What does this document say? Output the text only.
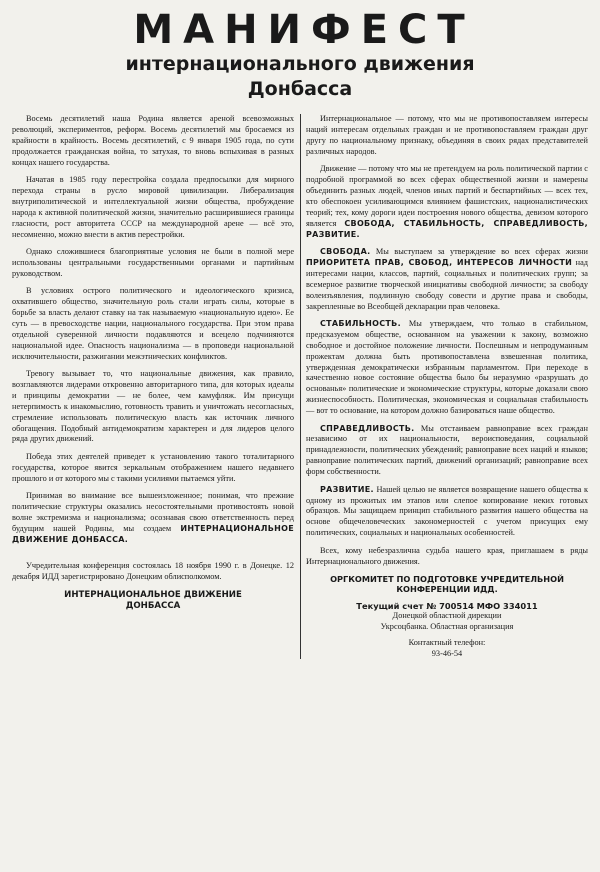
МАНИФЕСТ
интернационального движения
Донбасса

Восемь десятилетий наша Родина является ареной всевозможных революций, экспериментов, реформ. Восемь десятилетий мы бросаемся из крайности в крайность. Восемь десятилетий, с 9 января 1905 года, по сути продолжается гражданская война, то затухая, то вновь вспыхивая в разных концах нашего государства.

Начатая в 1985 году перестройка создала предпосылки для мирного перехода страны в русло мировой цивилизации. Либерализация внутриполитической и интеллектуальной жизни общества, пробуждение народа к активной политической жизни, значительно расширившиеся границы гласности, рост авторитета СССР на международной арене — всё это, несомненно, можно внести в актив перестройки.

Однако сложившиеся благоприятные условия не были в полной мере использованы центральными государственными органами и партийным руководством.

В условиях острого политического и идеологического кризиса, охватившего общество, значительную роль стали играть силы, которые в борьбе за власть делают ставку на так называемую «национальную идею». Ее суть — в превосходстве нации, национального государства. При этом права отдельной суверенной личности подавляются и всецело подчиняются национальной идее. Опасность национализма — в проповеди национальной исключительности, разжигании межэтнических конфликтов.

Тревогу вызывает то, что национальные движения, как правило, возглавляются лидерами откровенно авторитарного типа, для которых идеалы и принципы демократии — не более, чем камуфляж. Им присущи нетерпимость к инакомыслию, готовность травить и уничтожать несогласных, стремление использовать политическую власть как источник личного обогащения. Подобный антидемократизм характерен и для лидеров целого ряда других движений.

Победа этих деятелей приведет к установлению такого тоталитарного государства, которое явится зеркальным отображением нашего недавнего прошлого и от которого мы с такими усилиями пытаемся уйти.

Принимая во внимание все вышеизложенное; понимая, что прежние политические структуры оказались несостоятельными противостоять новой волне экстремизма и национализма; осознавая свою ответственность перед будущим нашей Родины, мы создаем ИНТЕРНАЦИОНАЛЬНОЕ ДВИЖЕНИЕ ДОНБАССА.

Учредительная конференция состоялась 18 ноября 1990 г. в Донецке. 12 декабря ИДД зарегистрировано Донецким облисполкомом.

ИНТЕРНАЦИОНАЛЬНОЕ ДВИЖЕНИЕ
ДОНБАССА

Интернациональное — потому, что мы не противопоставляем интересы наций интересам отдельных граждан и не противопоставляем граждан друг другу по национальному признаку, объединяя в своих рядах представителей различных народов.

Движение — потому что мы не претендуем на роль политической партии с подробной программой во всех сферах общественной жизни и намерены объединить разных людей, членов иных партий и беспартийных — всех тех, кто обеспокоен усиливающимся влиянием фашистских, националистических теорий; тех, кому дороги идеи построения нового общества, девизом которого является СВОБОДА, СТАБИЛЬНОСТЬ, СПРАВЕДЛИВОСТЬ, РАЗВИТИЕ.

СВОБОДА. Мы выступаем за утверждение во всех сферах жизни ПРИОРИТЕТА ПРАВ, СВОБОД, ИНТЕРЕСОВ ЛИЧНОСТИ над интересами нации, классов, партий, социальных и политических групп; за всемерное развитие творческой инициативы свободной личности; за свободу волеизъявления, подлинную свободу совести и другие права и свободы, закрепленные во Всеобщей декларации прав человека.

СТАБИЛЬНОСТЬ. Мы утверждаем, что только в стабильном, предсказуемом обществе, основанном на уважении к закону, возможно свободное и достойное положение личности. Поспешным и непродуманным прожектам должна быть противопоставлена взвешенная политика, утвержденная демократически избранным парламентом. При переходе в качественно новое состояние общества было бы неразумно «разрушать до основанья» политические и экономические структуры, которые доказали свою жизнеспособность. Политическая, экономическая и социальная стабильность — вот то основание, на котором должно базироваться наше общество.

СПРАВЕДЛИВОСТЬ. Мы отстаиваем равноправие всех граждан независимо от их национальности, вероисповедания, социальной принадлежности, политических убеждений; равноправие всех наций и языков; равноправие политических партий, движений организаций; равноправие всех форм собственности.

РАЗВИТИЕ. Нашей целью не является возвращение нашего общества к одному из прожитых им этапов или слепое копирование неких готовых образцов. Мы защищаем принцип стабильного развития нашего общества на основе общечеловеческих закономерностей с учетом присущих ему политических, социальных и национальных особенностей.

Всех, кому небезразлична судьба нашего края, приглашаем в ряды Интернационального движения.

ОРГКОМИТЕТ ПО ПОДГОТОВКЕ УЧРЕДИТЕЛЬНОЙ
КОНФЕРЕНЦИИ ИДД.
Текущий счет № 700514 МФО 334011
Донецкой областной дирекции
Укрсоцбанка. Областная организация
Контактный телефон:
93-46-54
